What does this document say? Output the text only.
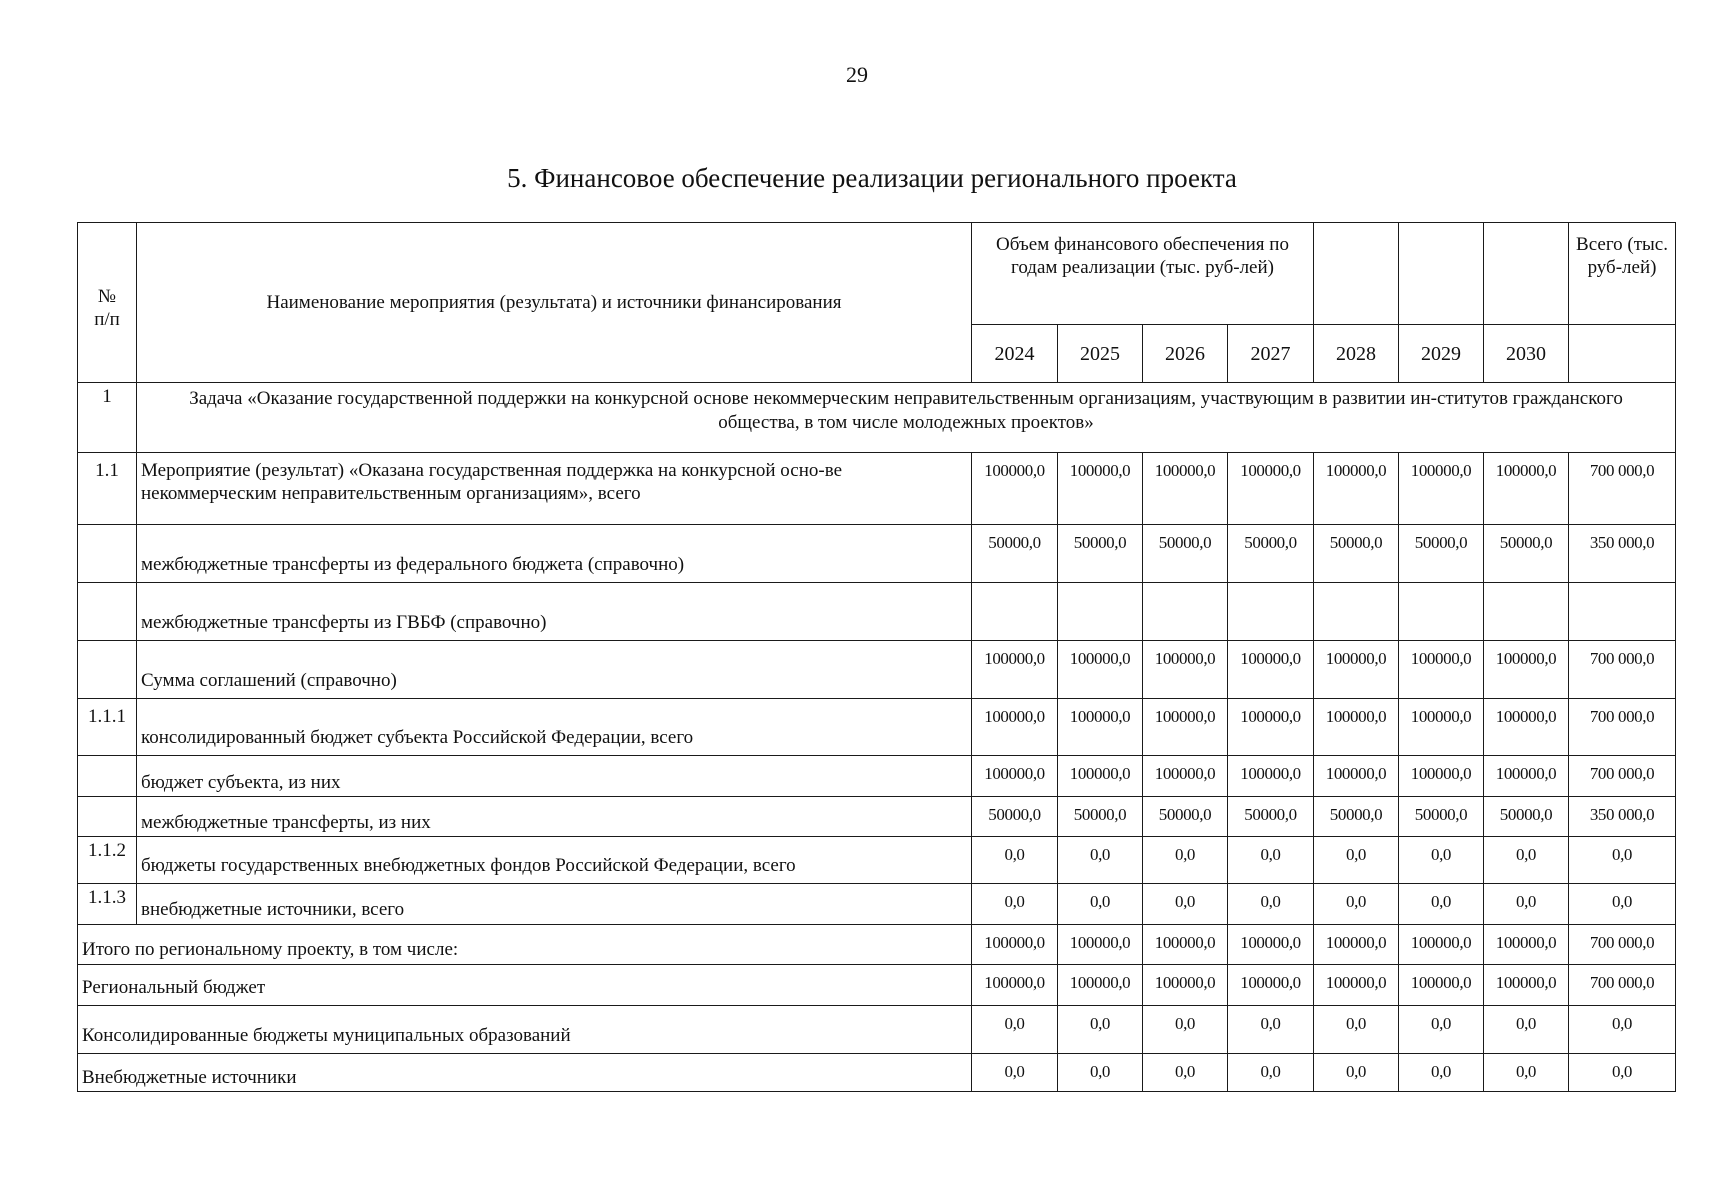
29
5. Финансовое обеспечение реализации регионального проекта
№
п/п	Наименование мероприятия (результата) и источники финансирования	Объем финансового обеспечения по годам реализации (тыс. руб-лей)							Всего (тыс. руб-лей)
		2024	2025	2026	2027	2028	2029	2030	
1	Задача «Оказание государственной поддержки на конкурсной основе некоммерческим неправительственным организациям, участвующим в развитии ин-ститутов гражданского общества, в том числе молодежных проектов»								
1.1	Мероприятие (результат) «Оказана государственная поддержка на конкурсной осно-ве некоммерческим неправительственным организациям», всего	100000,0	100000,0	100000,0	100000,0	100000,0	100000,0	100000,0	700 000,0
	межбюджетные трансферты из федерального бюджета (справочно)	50000,0	50000,0	50000,0	50000,0	50000,0	50000,0	50000,0	350 000,0
	межбюджетные трансферты из ГВБФ (справочно)								
	Сумма соглашений (справочно)	100000,0	100000,0	100000,0	100000,0	100000,0	100000,0	100000,0	700 000,0
1.1.1	консолидированный бюджет субъекта Российской Федерации, всего	100000,0	100000,0	100000,0	100000,0	100000,0	100000,0	100000,0	700 000,0
	бюджет субъекта, из них	100000,0	100000,0	100000,0	100000,0	100000,0	100000,0	100000,0	700 000,0
	межбюджетные трансферты, из них	50000,0	50000,0	50000,0	50000,0	50000,0	50000,0	50000,0	350 000,0
1.1.2	бюджеты государственных внебюджетных фондов Российской Федерации, всего	0,0	0,0	0,0	0,0	0,0	0,0	0,0	0,0
1.1.3	внебюджетные источники, всего	0,0	0,0	0,0	0,0	0,0	0,0	0,0	0,0
Итого по региональному проекту, в том числе:		100000,0	100000,0	100000,0	100000,0	100000,0	100000,0	100000,0	700 000,0
Региональный бюджет		100000,0	100000,0	100000,0	100000,0	100000,0	100000,0	100000,0	700 000,0
Консолидированные бюджеты муниципальных образований		0,0	0,0	0,0	0,0	0,0	0,0	0,0	0,0
Внебюджетные источники		0,0	0,0	0,0	0,0	0,0	0,0	0,0	0,0
